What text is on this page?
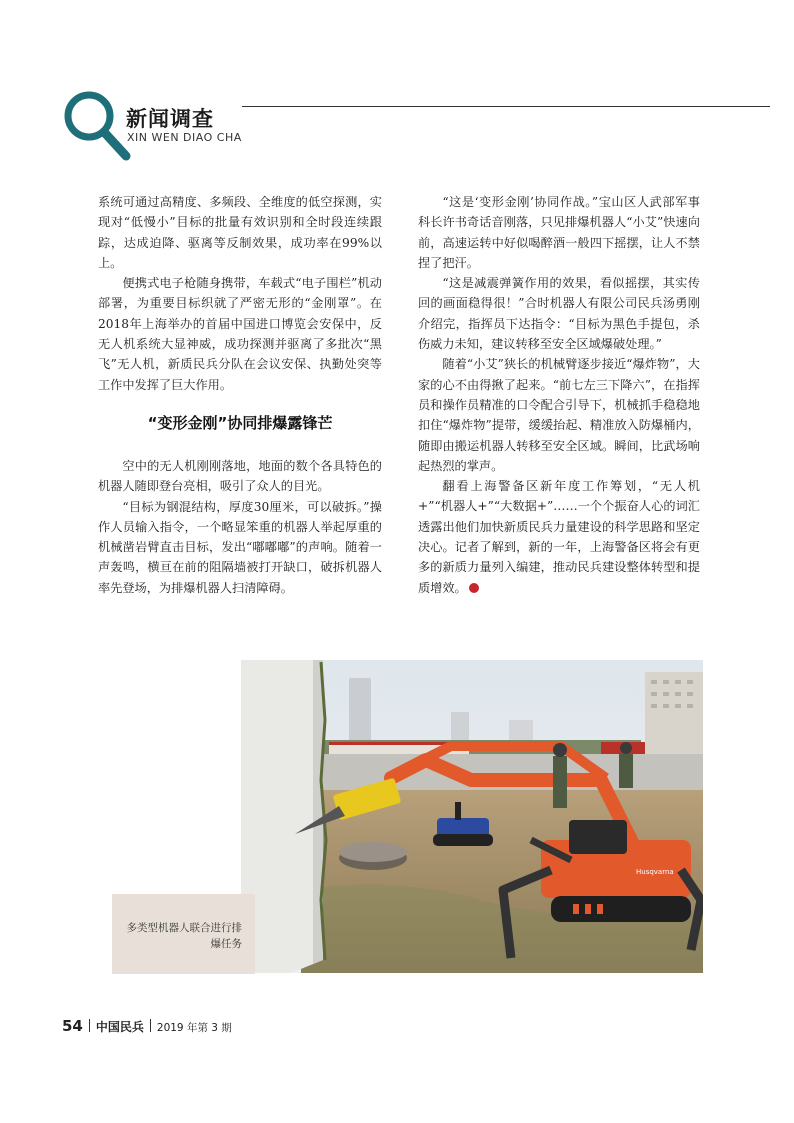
新闻调查
XIN WEN DIAO CHA

系统可通过高精度、多频段、全维度的低空探测，实现对“低慢小”目标的批量有效识别和全时段连续跟踪，达成迫降、驱离等反制效果，成功率在99%以上。

便携式电子枪随身携带，车载式“电子围栏”机动部署，为重要目标织就了严密无形的“金刚罩”。在2018年上海举办的首届中国进口博览会安保中，反无人机系统大显神威，成功探测并驱离了多批次“黑飞”无人机，新质民兵分队在会议安保、执勤处突等工作中发挥了巨大作用。

“变形金刚”协同排爆露锋芒

空中的无人机刚刚落地，地面的数个各具特色的机器人随即登台亮相，吸引了众人的目光。

“目标为钢混结构，厚度30厘米，可以破拆。”操作人员输入指令，一个略显笨重的机器人举起厚重的机械凿岩臂直击目标，发出“嘟嘟嘟”的声响。随着一声轰鸣，横亘在前的阻隔墙被打开缺口，破拆机器人率先登场，为排爆机器人扫清障碍。

“这是‘变形金刚’协同作战。”宝山区人武部军事科长许书奇话音刚落，只见排爆机器人“小艾”快速向前，高速运转中好似喝醉酒一般四下摇摆，让人不禁捏了把汗。

“这是减震弹簧作用的效果，看似摇摆，其实传回的画面稳得很！”合时机器人有限公司民兵汤勇刚介绍完，指挥员下达指令：“目标为黑色手提包，杀伤威力未知，建议转移至安全区域爆破处理。”

随着“小艾”狭长的机械臂逐步接近“爆炸物”，大家的心不由得揪了起来。“前七左三下降六”，在指挥员和操作员精准的口令配合引导下，机械抓手稳稳地扣住“爆炸物”提带，缓缓抬起、精准放入防爆桶内，随即由搬运机器人转移至安全区域。瞬间，比武场响起热烈的掌声。

翻看上海警备区新年度工作筹划，“无人机+”“机器人+”“大数据+”……一个个振奋人心的词汇透露出他们加快新质民兵力量建设的科学思路和坚定决心。记者了解到，新的一年，上海警备区将会有更多的新质力量列入编建，推动民兵建设整体转型和提质增效。

Husqvarna
多类型机器人联合进行排爆任务
54 中国民兵 2019 年第 3 期
